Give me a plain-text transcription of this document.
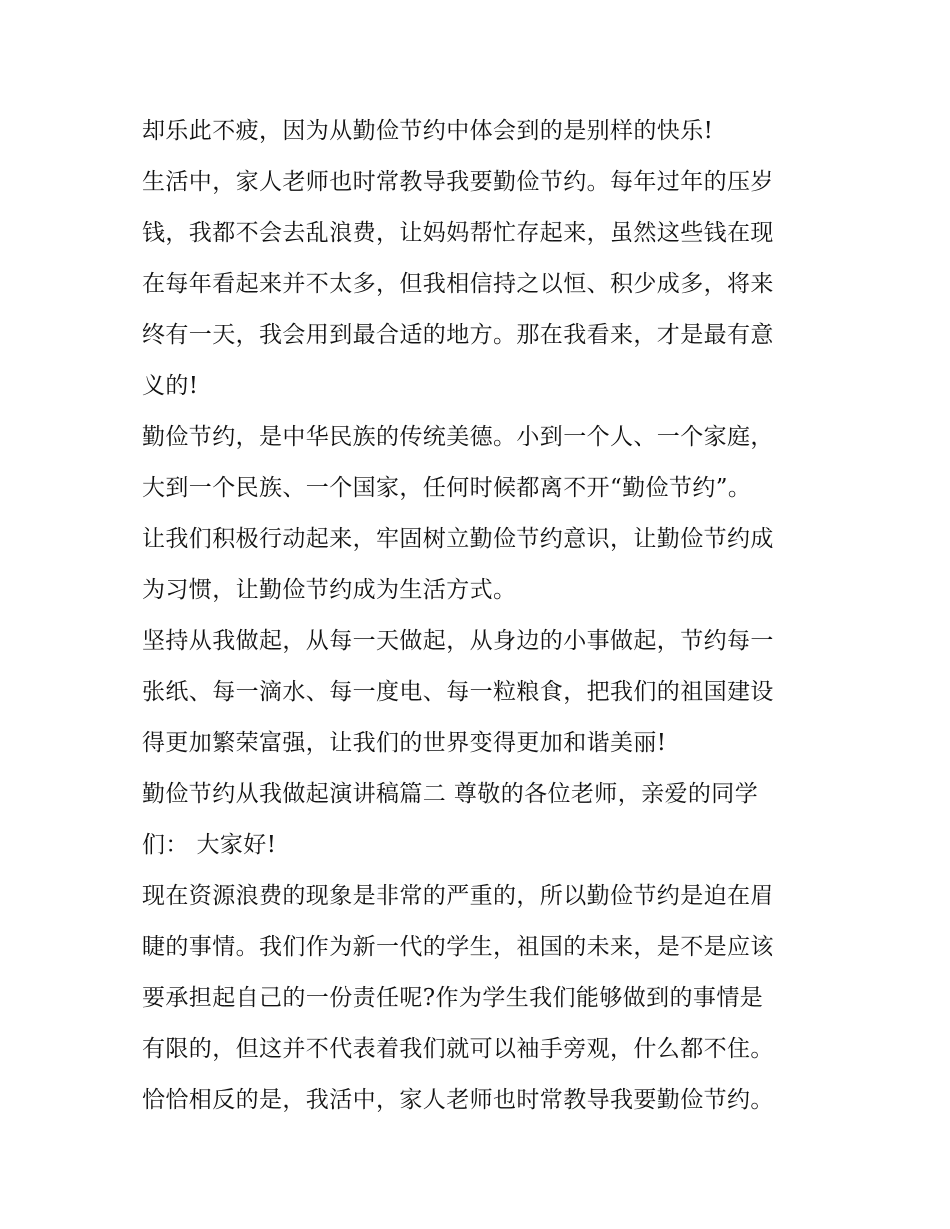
却乐此不疲，因为从勤俭节约中体会到的是别样的快乐!
生活中，家人老师也时常教导我要勤俭节约。每年过年的压岁
钱，我都不会去乱浪费，让妈妈帮忙存起来，虽然这些钱在现
在每年看起来并不太多，但我相信持之以恒、积少成多，将来
终有一天，我会用到最合适的地方。那在我看来，才是最有意
义的!
勤俭节约，是中华民族的传统美德。小到一个人、一个家庭，
大到一个民族、一个国家，任何时候都离不开“勤俭节约”。
让我们积极行动起来，牢固树立勤俭节约意识，让勤俭节约成
为习惯，让勤俭节约成为生活方式。
坚持从我做起，从每一天做起，从身边的小事做起，节约每一
张纸、每一滴水、每一度电、每一粒粮食，把我们的祖国建设
得更加繁荣富强，让我们的世界变得更加和谐美丽!
勤俭节约从我做起演讲稿篇二 尊敬的各位老师，亲爱的同学
们： 大家好!
现在资源浪费的现象是非常的严重的，所以勤俭节约是迫在眉
睫的事情。我们作为新一代的学生，祖国的未来，是不是应该
要承担起自己的一份责任呢?作为学生我们能够做到的事情是
有限的，但这并不代表着我们就可以袖手旁观，什么都不住。
恰恰相反的是，我活中，家人老师也时常教导我要勤俭节约。
